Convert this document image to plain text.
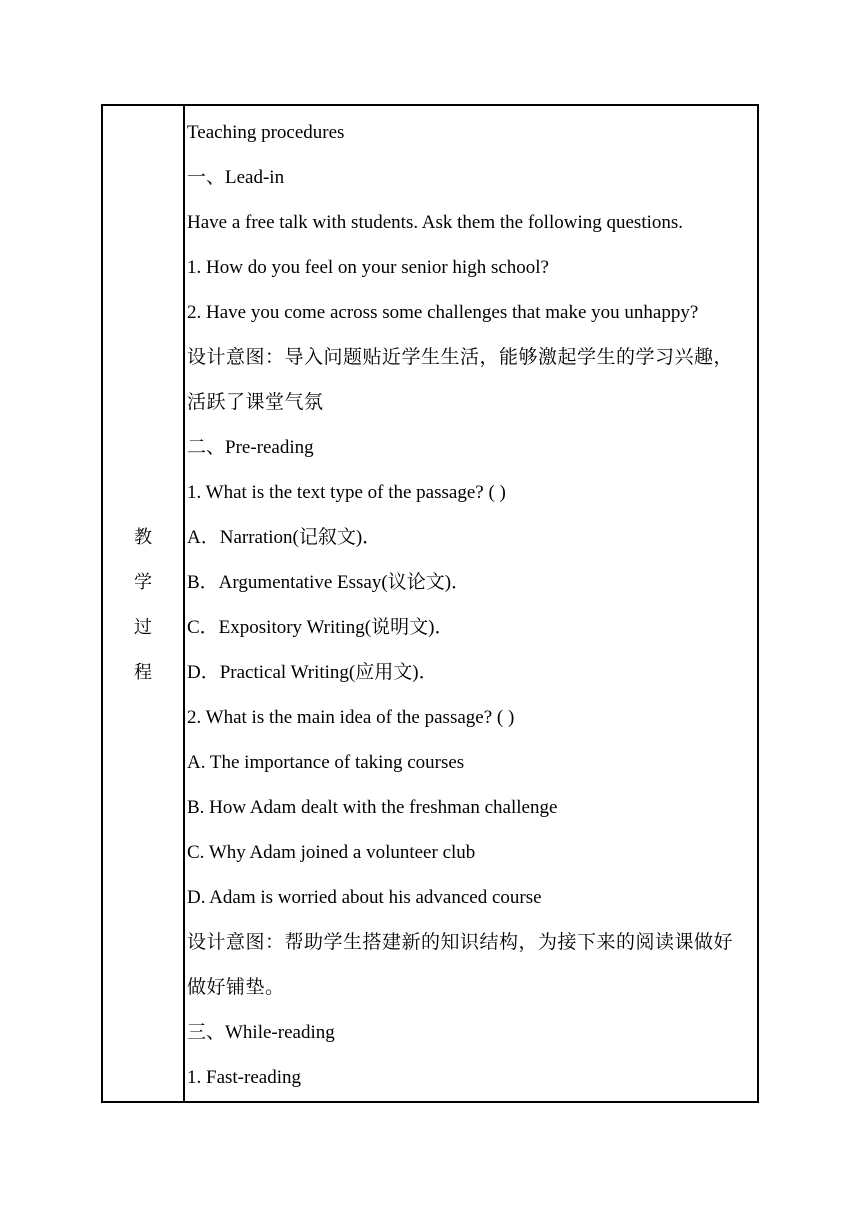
教
学
过
程
Teaching procedures
一、Lead-in
Have a free talk with students. Ask them the following questions.
1. How do you feel on your senior high school?
2. Have you come across some challenges that make you unhappy?
设计意图：导入问题贴近学生生活，能够激起学生的学习兴趣，
活跃了课堂气氛
二、Pre-reading
1. What is the text type of the passage? ( )
A．Narration(记叙文)．
B．Argumentative Essay(议论文)．
C．Expository Writing(说明文)．
D．Practical Writing(应用文)．
2. What is the main idea of the passage? ( )
A. The importance of taking courses
B. How Adam dealt with the freshman challenge
C. Why Adam joined a volunteer club
D. Adam is worried about his advanced course
设计意图：帮助学生搭建新的知识结构，为接下来的阅读课做好
做好铺垫。
三、While-reading
1. Fast-reading
